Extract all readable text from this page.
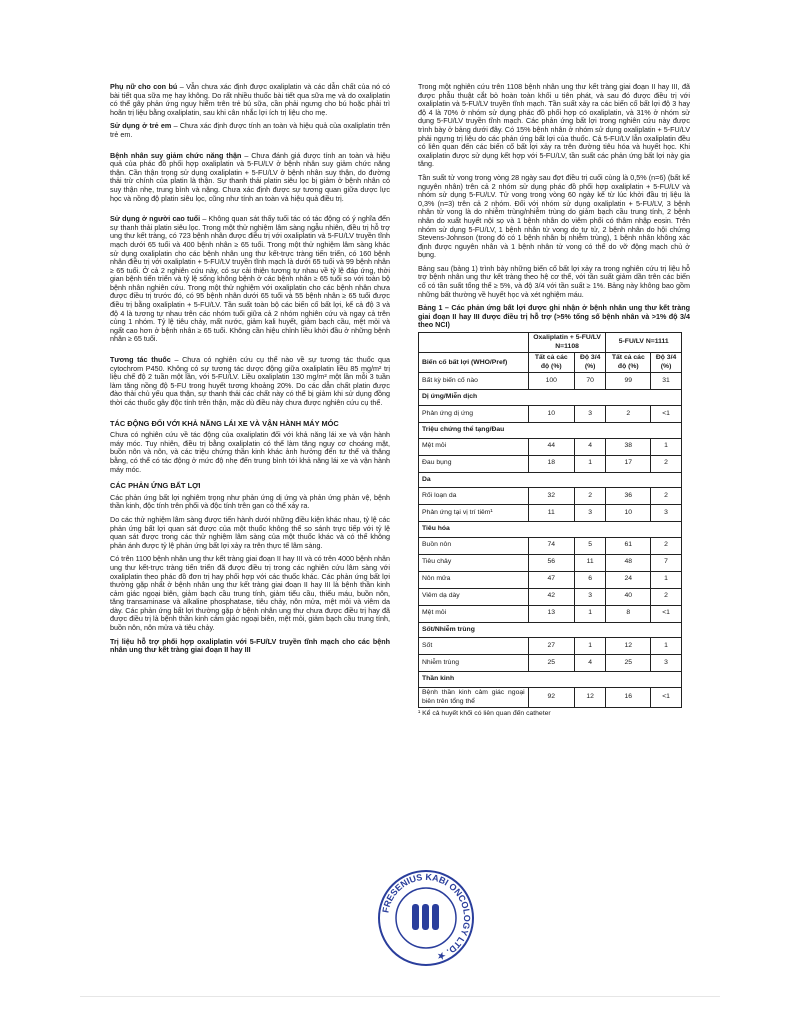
Phụ nữ cho con bú – Vẫn chưa xác định được oxaliplatin và các dẫn chất của nó có bài tiết qua sữa mẹ hay không. Do rất nhiều thuốc bài tiết qua sữa mẹ và do oxaliplatin có thể gây phản ứng nguy hiểm trên trẻ bú sữa, cần phải ngưng cho bú hoặc phải trì hoãn trị liệu bằng oxaliplatin, sau khi cân nhắc lợi ích trị liệu cho mẹ.

Sử dụng ở trẻ em – Chưa xác định được tính an toàn và hiệu quả của oxaliplatin trên trẻ em.

Bệnh nhân suy giảm chức năng thận – Chưa đánh giá được tính an toàn và hiệu quả của phác đồ phối hợp oxaliplatin và 5-FU/LV ở bệnh nhân suy giảm chức năng thận. Cần thận trọng sử dụng oxaliplatin + 5-FU/LV ở bệnh nhân suy thận, do đường thải trừ chính của platin là thận. Sự thanh thải platin siêu lọc bị giảm ở bệnh nhân có suy thận nhẹ, trung bình và nặng. Chưa xác định được sự tương quan giữa dược lực học và nồng độ platin siêu lọc, cũng như tính an toàn và hiệu quả điều trị.

Sử dụng ở người cao tuổi – Không quan sát thấy tuổi tác có tác động có ý nghĩa đến sự thanh thải platin siêu lọc. Trong một thử nghiệm lâm sàng ngẫu nhiên, điều trị hỗ trợ ung thư kết tràng, có 723 bệnh nhân được điều trị với oxaliplatin và 5-FU/LV truyền tĩnh mạch dưới 65 tuổi và 400 bệnh nhân ≥ 65 tuổi. Trong một thử nghiệm lâm sàng khác sử dụng oxaliplatin cho các bệnh nhân ung thư kết-trực tràng tiến triển, có 160 bệnh nhân điều trị với oxaliplatin + 5-FU/LV truyền tĩnh mạch là dưới 65 tuổi và 99 bệnh nhân ≥ 65 tuổi. Ở cả 2 nghiên cứu này, có sự cải thiện tương tự nhau về tỷ lệ đáp ứng, thời gian bệnh tiến triển và tỷ lệ sống không bệnh ở các bệnh nhân ≥ 65 tuổi so với toàn bộ bệnh nhân nghiên cứu. Trong một thử nghiệm với oxaliplatin cho các bệnh nhân chưa được điều trị trước đó, có 95 bệnh nhân dưới 65 tuổi và 55 bệnh nhân ≥ 65 tuổi được điều trị bằng oxaliplatin + 5-FU/LV. Tần suất toàn bộ các biến cố bất lợi, kể cả độ 3 và độ 4 là tương tự nhau trên các nhóm tuổi giữa cả 2 nhóm nghiên cứu và ngay cả trên cùng 1 nhóm. Tỷ lệ tiêu chảy, mất nước, giảm kali huyết, giảm bạch cầu, mệt mỏi và ngất cao hơn ở bệnh nhân ≥ 65 tuổi. Không cần hiệu chỉnh liều khởi đầu ở những bệnh nhân ≥ 65 tuổi.

Tương tác thuốc – Chưa có nghiên cứu cụ thể nào về sự tương tác thuốc qua cytochrom P450. Không có sự tương tác dược động giữa oxaliplatin liều 85 mg/m² trị liệu chế độ 2 tuần một lần, với 5-FU/LV. Liều oxaliplatin 130 mg/m² một lần mỗi 3 tuần làm tăng nồng độ 5-FU trong huyết tương khoảng 20%. Do các dẫn chất platin được đào thải chủ yếu qua thận, sự thanh thải các chất này có thể bị giảm khi sử dụng đồng thời các thuốc gây độc tính trên thận, mặc dù điều này chưa được nghiên cứu cụ thể.

TÁC ĐỘNG ĐỐI VỚI KHẢ NĂNG LÁI XE VÀ VẬN HÀNH MÁY MÓC

Chưa có nghiên cứu về tác động của oxaliplatin đối với khả năng lái xe và vận hành máy móc. Tuy nhiên, điều trị bằng oxaliplatin có thể làm tăng nguy cơ choáng mặt, buồn nôn và nôn, và các triệu chứng thần kinh khác ảnh hưởng đến tư thế và thăng bằng, có thể có tác động ở mức độ nhẹ đến trung bình tới khả năng lái xe và vận hành máy móc.

CÁC PHẢN ỨNG BẤT LỢI

Các phản ứng bất lợi nghiêm trọng như phản ứng dị ứng và phản ứng phản vệ, bệnh thần kinh, độc tính trên phổi và độc tính trên gan có thể xảy ra.

Do các thử nghiệm lâm sàng được tiến hành dưới những điều kiện khác nhau, tỷ lệ các phản ứng bất lợi quan sát được của một thuốc không thể so sánh trực tiếp với tỷ lệ quan sát được trong các thử nghiệm lâm sàng của một thuốc khác và có thể không phản ánh được tỷ lệ phản ứng bất lợi xảy ra trên thực tế lâm sàng.

Có trên 1100 bệnh nhân ung thư kết tràng giai đoạn II hay III và có trên 4000 bệnh nhân ung thư kết-trực tràng tiến triển đã được điều trị trong các nghiên cứu lâm sàng với oxaliplatin theo phác đồ đơn trị hay phối hợp với các thuốc khác. Các phản ứng bất lợi thường gặp nhất ở bệnh nhân ung thư kết tràng giai đoạn II hay III là bệnh thần kinh cảm giác ngoại biên, giảm bạch cầu trung tính, giảm tiểu cầu, thiếu máu, buồn nôn, tăng transaminase và alkaline phosphatase, tiêu chảy, nôn mửa, mệt mỏi và viêm da dày. Các phản ứng bất lợi thường gặp ở bệnh nhân ung thư chưa được điều trị hay đã được điều trị là bệnh thần kinh cảm giác ngoại biên, mệt mỏi, giảm bạch cầu trung tính, buồn nôn, nôn mửa và tiêu chảy.

Trị liệu hỗ trợ phối hợp oxaliplatin với 5-FU/LV truyền tĩnh mạch cho các bệnh nhân ung thư kết tràng giai đoạn II hay III

Trong một nghiên cứu trên 1108 bệnh nhân ung thư kết tràng giai đoạn II hay III, đã được phẫu thuật cắt bỏ hoàn toàn khối u tiên phát, và sau đó được điều trị với oxaliplatin và 5-FU/LV truyền tĩnh mạch. Tần suất xảy ra các biến cố bất lợi độ 3 hay độ 4 là 70% ở nhóm sử dụng phác đồ phối hợp có oxaliplatin, và 31% ở nhóm sử dụng 5-FU/LV truyền tĩnh mạch. Các phản ứng bất lợi trong nghiên cứu này được trình bày ở bảng dưới đây. Có 15% bệnh nhân ở nhóm sử dụng oxaliplatin + 5-FU/LV phải ngưng trị liệu do các phản ứng bất lợi của thuốc. Cả 5-FU/LV lẫn oxaliplatin đều có liên quan đến các biến cố bất lợi xảy ra trên đường tiêu hóa và huyết học. Khi oxaliplatin được sử dụng kết hợp với 5-FU/LV, tần suất các phản ứng bất lợi này gia tăng.

Tần suất tử vong trong vòng 28 ngày sau đợt điều trị cuối cùng là 0,5% (n=6) (bất kể nguyên nhân) trên cả 2 nhóm sử dụng phác đồ phối hợp oxaliplatin + 5-FU/LV và nhóm sử dụng 5-FU/LV. Tử vong trong vòng 60 ngày kể từ lúc khởi đầu trị liệu là 0,3% (n=3) trên cả 2 nhóm. Đối với nhóm sử dụng oxaliplatin + 5-FU/LV, 3 bệnh nhân tử vong là do nhiễm trùng/nhiễm trùng do giảm bạch cầu trung tính, 2 bệnh nhân do xuất huyết nội sọ và 1 bệnh nhân do viêm phổi có thâm nhập eosin. Trên nhóm sử dụng 5-FU/LV, 1 bệnh nhân tử vong do tự tử, 2 bệnh nhân do hội chứng Stevens-Johnson (trong đó có 1 bệnh nhân bị nhiễm trùng), 1 bệnh nhân không xác định được nguyên nhân và 1 bệnh nhân tử vong có thể do vỡ động mạch chủ ở bụng.

Bảng sau (bảng 1) trình bày những biến cố bất lợi xảy ra trong nghiên cứu trị liệu hỗ trợ bệnh nhân ung thư kết tràng theo hệ cơ thể, với tần suất giảm dần trên các biến cố có tần suất tổng thể ≥ 5%, và độ 3/4 với tần suất ≥ 1%. Bảng này không bao gồm những bất thường về huyết học và xét nghiệm máu.

Bảng 1 – Các phản ứng bất lợi được ghi nhận ở bệnh nhân ung thư kết tràng giai đoạn II hay III được điều trị hỗ trợ (>5% tổng số bệnh nhân và >1% độ 3/4 theo NCI)
	Oxaliplatin + 5-FU/LV N=1108		5-FU/LV N=1111	
Biến cố bất lợi (WHO/Pref)	Tất cả các độ (%)	Độ 3/4 (%)	Tất cả các độ (%)	Độ 3/4 (%)
Bất kỳ biến cố nào	100	70	99	31
Dị ứng/Miễn dịch				
Phản ứng dị ứng	10	3	2	<1
Triệu chứng thể tạng/Đau				
Mệt mỏi	44	4	38	1
Đau bụng	18	1	17	2
Da				
Rối loạn da	32	2	36	2
Phản ứng tại vị trí tiêm¹	11	3	10	3
Tiêu hóa				
Buồn nôn	74	5	61	2
Tiêu chảy	56	11	48	7
Nôn mửa	47	6	24	1
Viêm dạ dày	42	3	40	2
Mệt mỏi	13	1	8	<1
Sốt/Nhiễm trùng				
Sốt	27	1	12	1
Nhiễm trùng	25	4	25	3
Thần kinh				
Bệnh thần kinh cảm giác ngoại biên trên tổng thể	92	12	16	<1
¹ Kể cả huyết khối có liên quan đến catheter
FRESENIUS KABI ONCOLOGY LTD. ★
